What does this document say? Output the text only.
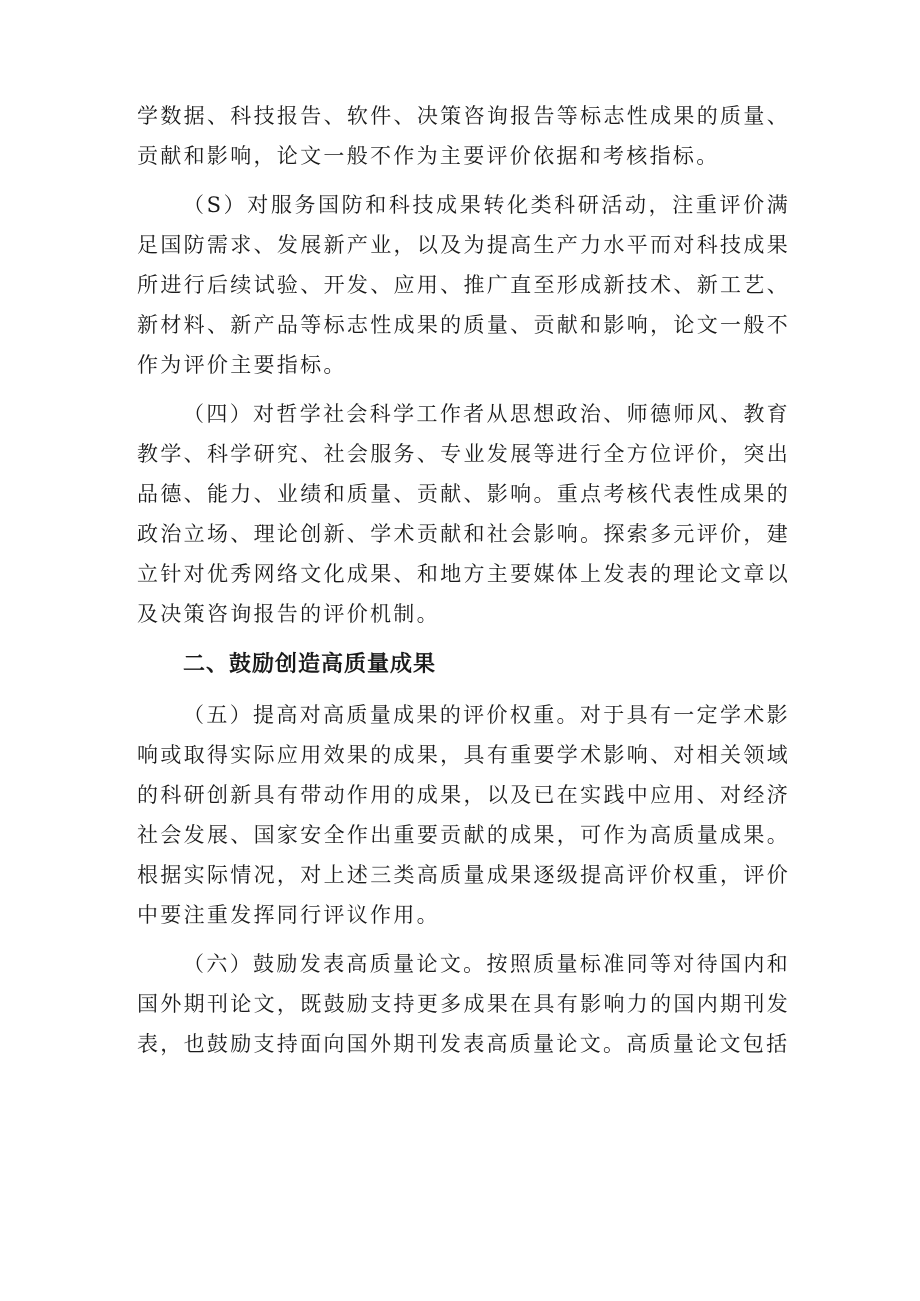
学数据、科技报告、软件、决策咨询报告等标志性成果的质量、贡献和影响，论文一般不作为主要评价依据和考核指标。

（S）对服务国防和科技成果转化类科研活动，注重评价满足国防需求、发展新产业，以及为提高生产力水平而对科技成果所进行后续试验、开发、应用、推广直至形成新技术、新工艺、新材料、新产品等标志性成果的质量、贡献和影响，论文一般不作为评价主要指标。

（四）对哲学社会科学工作者从思想政治、师德师风、教育教学、科学研究、社会服务、专业发展等进行全方位评价，突出品德、能力、业绩和质量、贡献、影响。重点考核代表性成果的政治立场、理论创新、学术贡献和社会影响。探索多元评价，建立针对优秀网络文化成果、和地方主要媒体上发表的理论文章以及决策咨询报告的评价机制。

二、鼓励创造高质量成果

（五）提高对高质量成果的评价权重。对于具有一定学术影响或取得实际应用效果的成果，具有重要学术影响、对相关领域的科研创新具有带动作用的成果，以及已在实践中应用、对经济社会发展、国家安全作出重要贡献的成果，可作为高质量成果。根据实际情况，对上述三类高质量成果逐级提高评价权重，评价中要注重发挥同行评议作用。

（六）鼓励发表高质量论文。按照质量标准同等对待国内和国外期刊论文，既鼓励支持更多成果在具有影响力的国内期刊发表，也鼓励支持面向国外期刊发表高质量论文。高质量论文包括
